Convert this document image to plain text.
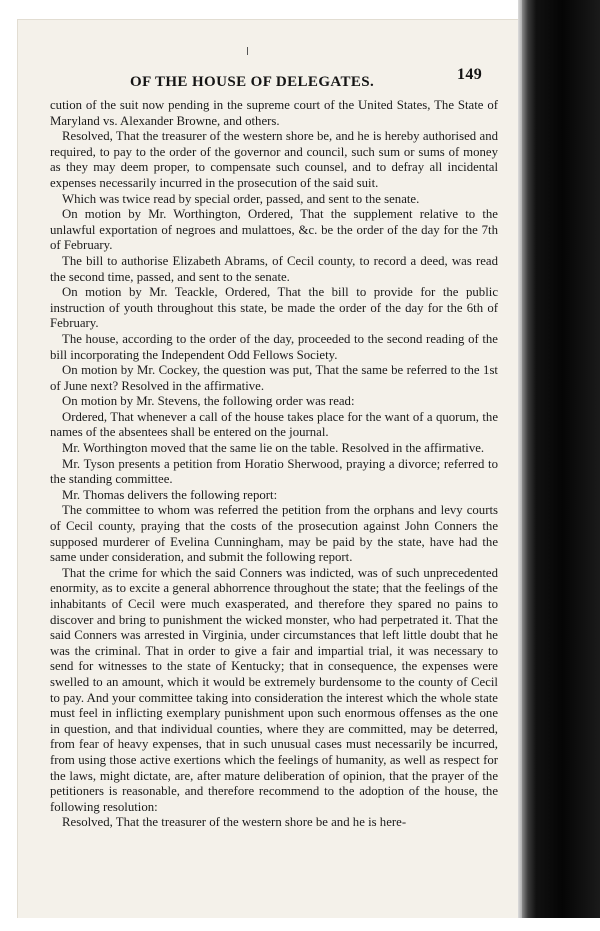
OF THE HOUSE OF DELEGATES.	149

cution of the suit now pending in the supreme court of the United States, The State of Maryland vs. Alexander Browne, and others.

Resolved, That the treasurer of the western shore be, and he is hereby authorised and required, to pay to the order of the governor and council, such sum or sums of money as they may deem proper, to compensate such counsel, and to defray all incidental expenses necessarily incurred in the prosecution of the said suit.

Which was twice read by special order, passed, and sent to the senate.

On motion by Mr. Worthington, Ordered, That the supplement relative to the unlawful exportation of negroes and mulattoes, &c. be the order of the day for the 7th of February.

The bill to authorise Elizabeth Abrams, of Cecil county, to record a deed, was read the second time, passed, and sent to the senate.

On motion by Mr. Teackle, Ordered, That the bill to provide for the public instruction of youth throughout this state, be made the order of the day for the 6th of February.

The house, according to the order of the day, proceeded to the second reading of the bill incorporating the Independent Odd Fellows Society.

On motion by Mr. Cockey, the question was put, That the same be referred to the 1st of June next? Resolved in the affirmative.

On motion by Mr. Stevens, the following order was read:

Ordered, That whenever a call of the house takes place for the want of a quorum, the names of the absentees shall be entered on the journal.

Mr. Worthington moved that the same lie on the table. Resolved in the affirmative.

Mr. Tyson presents a petition from Horatio Sherwood, praying a divorce; referred to the standing committee.

Mr. Thomas delivers the following report:

The committee to whom was referred the petition from the orphans and levy courts of Cecil county, praying that the costs of the prosecution against John Conners the supposed murderer of Evelina Cunningham, may be paid by the state, have had the same under consideration, and submit the following report.

That the crime for which the said Conners was indicted, was of such unprecedented enormity, as to excite a general abhorrence throughout the state; that the feelings of the inhabitants of Cecil were much exasperated, and therefore they spared no pains to discover and bring to punishment the wicked monster, who had perpetrated it. That the said Conners was arrested in Virginia, under circumstances that left little doubt that he was the criminal. That in order to give a fair and impartial trial, it was necessary to send for witnesses to the state of Kentucky; that in consequence, the expenses were swelled to an amount, which it would be extremely burdensome to the county of Cecil to pay. And your committee taking into consideration the interest which the whole state must feel in inflicting exemplary punishment upon such enormous offenses as the one in question, and that individual counties, where they are committed, may be deterred, from fear of heavy expenses, that in such unusual cases must necessarily be incurred, from using those active exertions which the feelings of humanity, as well as respect for the laws, might dictate, are, after mature deliberation of opinion, that the prayer of the petitioners is reasonable, and therefore recommend to the adoption of the house, the following resolution:

Resolved, That the treasurer of the western shore be and he is here-
